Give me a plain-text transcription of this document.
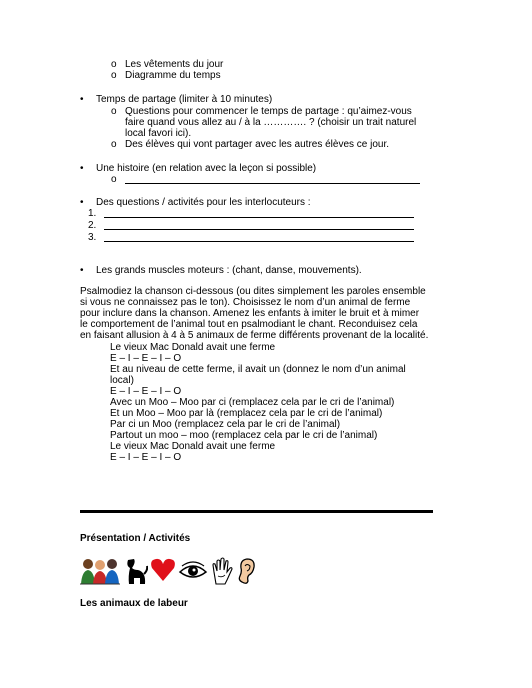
o Les vêtements du jour
o Diagramme du temps
• Temps de partage (limiter à 10 minutes)
o Questions pour commencer le temps de partage : qu’aimez-vous
faire quand vous allez au / à la …………. ? (choisir un trait naturel
local favori ici).
o Des élèves qui vont partager avec les autres élèves ce jour.
• Une histoire (en relation avec la leçon si possible)
o
• Des questions / activités pour les interlocuteurs :
1.
2.
3.
• Les grands muscles moteurs : (chant, danse, mouvements).
Psalmodiez la chanson ci-dessous (ou dites simplement les paroles ensemble
si vous ne connaissez pas le ton). Choisissez le nom d’un animal de ferme
pour inclure dans la chanson. Amenez les enfants à imiter le bruit et à mimer
le comportement de l’animal tout en psalmodiant le chant. Reconduisez cela
en faisant allusion à 4 à 5 animaux de ferme différents provenant de la localité.
Le vieux Mac Donald avait une ferme
E – I – E – I – O
Et au niveau de cette ferme, il avait un (donnez le nom d’un animal
local)
E – I – E – I – O
Avec un Moo – Moo par ci (remplacez cela par le cri de l’animal)
Et un Moo – Moo par là (remplacez cela par le cri de l’animal)
Par ci un Moo (remplacez cela par le cri de l’animal)
Partout un moo – moo (remplacez cela par le cri de l’animal)
Le vieux Mac Donald avait une ferme
E – I – E – I – O
Présentation / Activités
Les animaux de labeur
